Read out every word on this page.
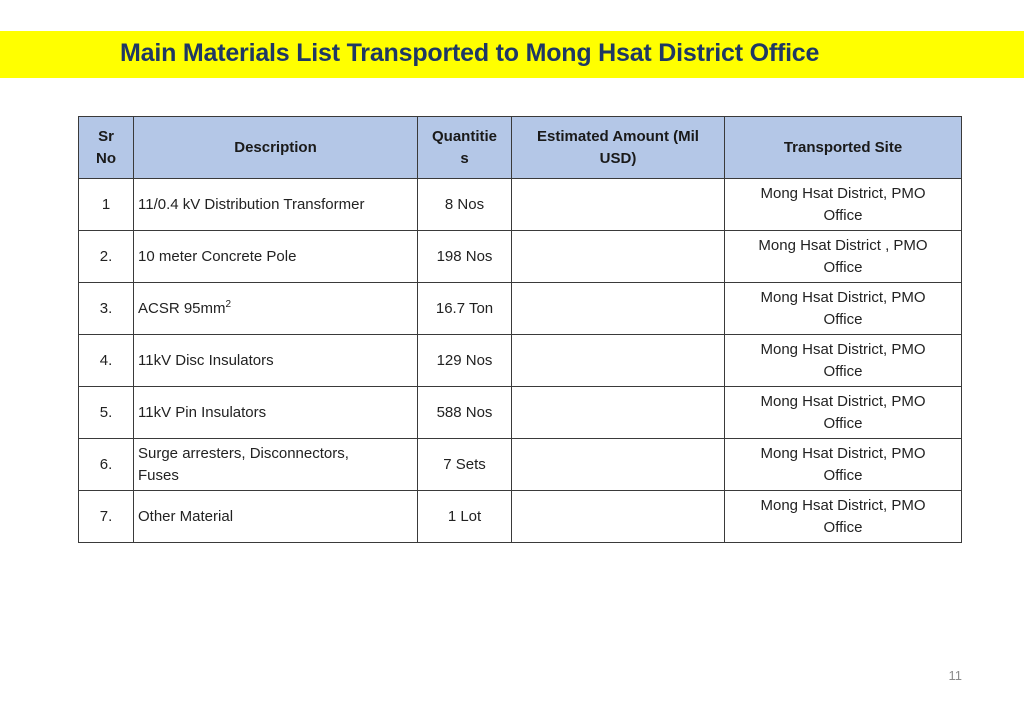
Main Materials List Transported to Mong Hsat District Office
Sr
No	Description	Quantitie
s	Estimated Amount (Mil
USD)	Transported Site
1	11/0.4 kV Distribution Transformer	8 Nos		Mong Hsat District, PMO
Office
2.	10 meter Concrete Pole	198 Nos		Mong Hsat District , PMO
Office
3.	ACSR $95mm^2$	16.7 Ton		Mong Hsat District, PMO
Office
4.	11kV Disc Insulators	129 Nos		Mong Hsat District, PMO
Office
5.	11kV Pin Insulators	588 Nos		Mong Hsat District, PMO
Office
6.	Surge arresters, Disconnectors,
Fuses	7 Sets		Mong Hsat District, PMO
Office
7.	Other Material	1 Lot		Mong Hsat District, PMO
Office
11
